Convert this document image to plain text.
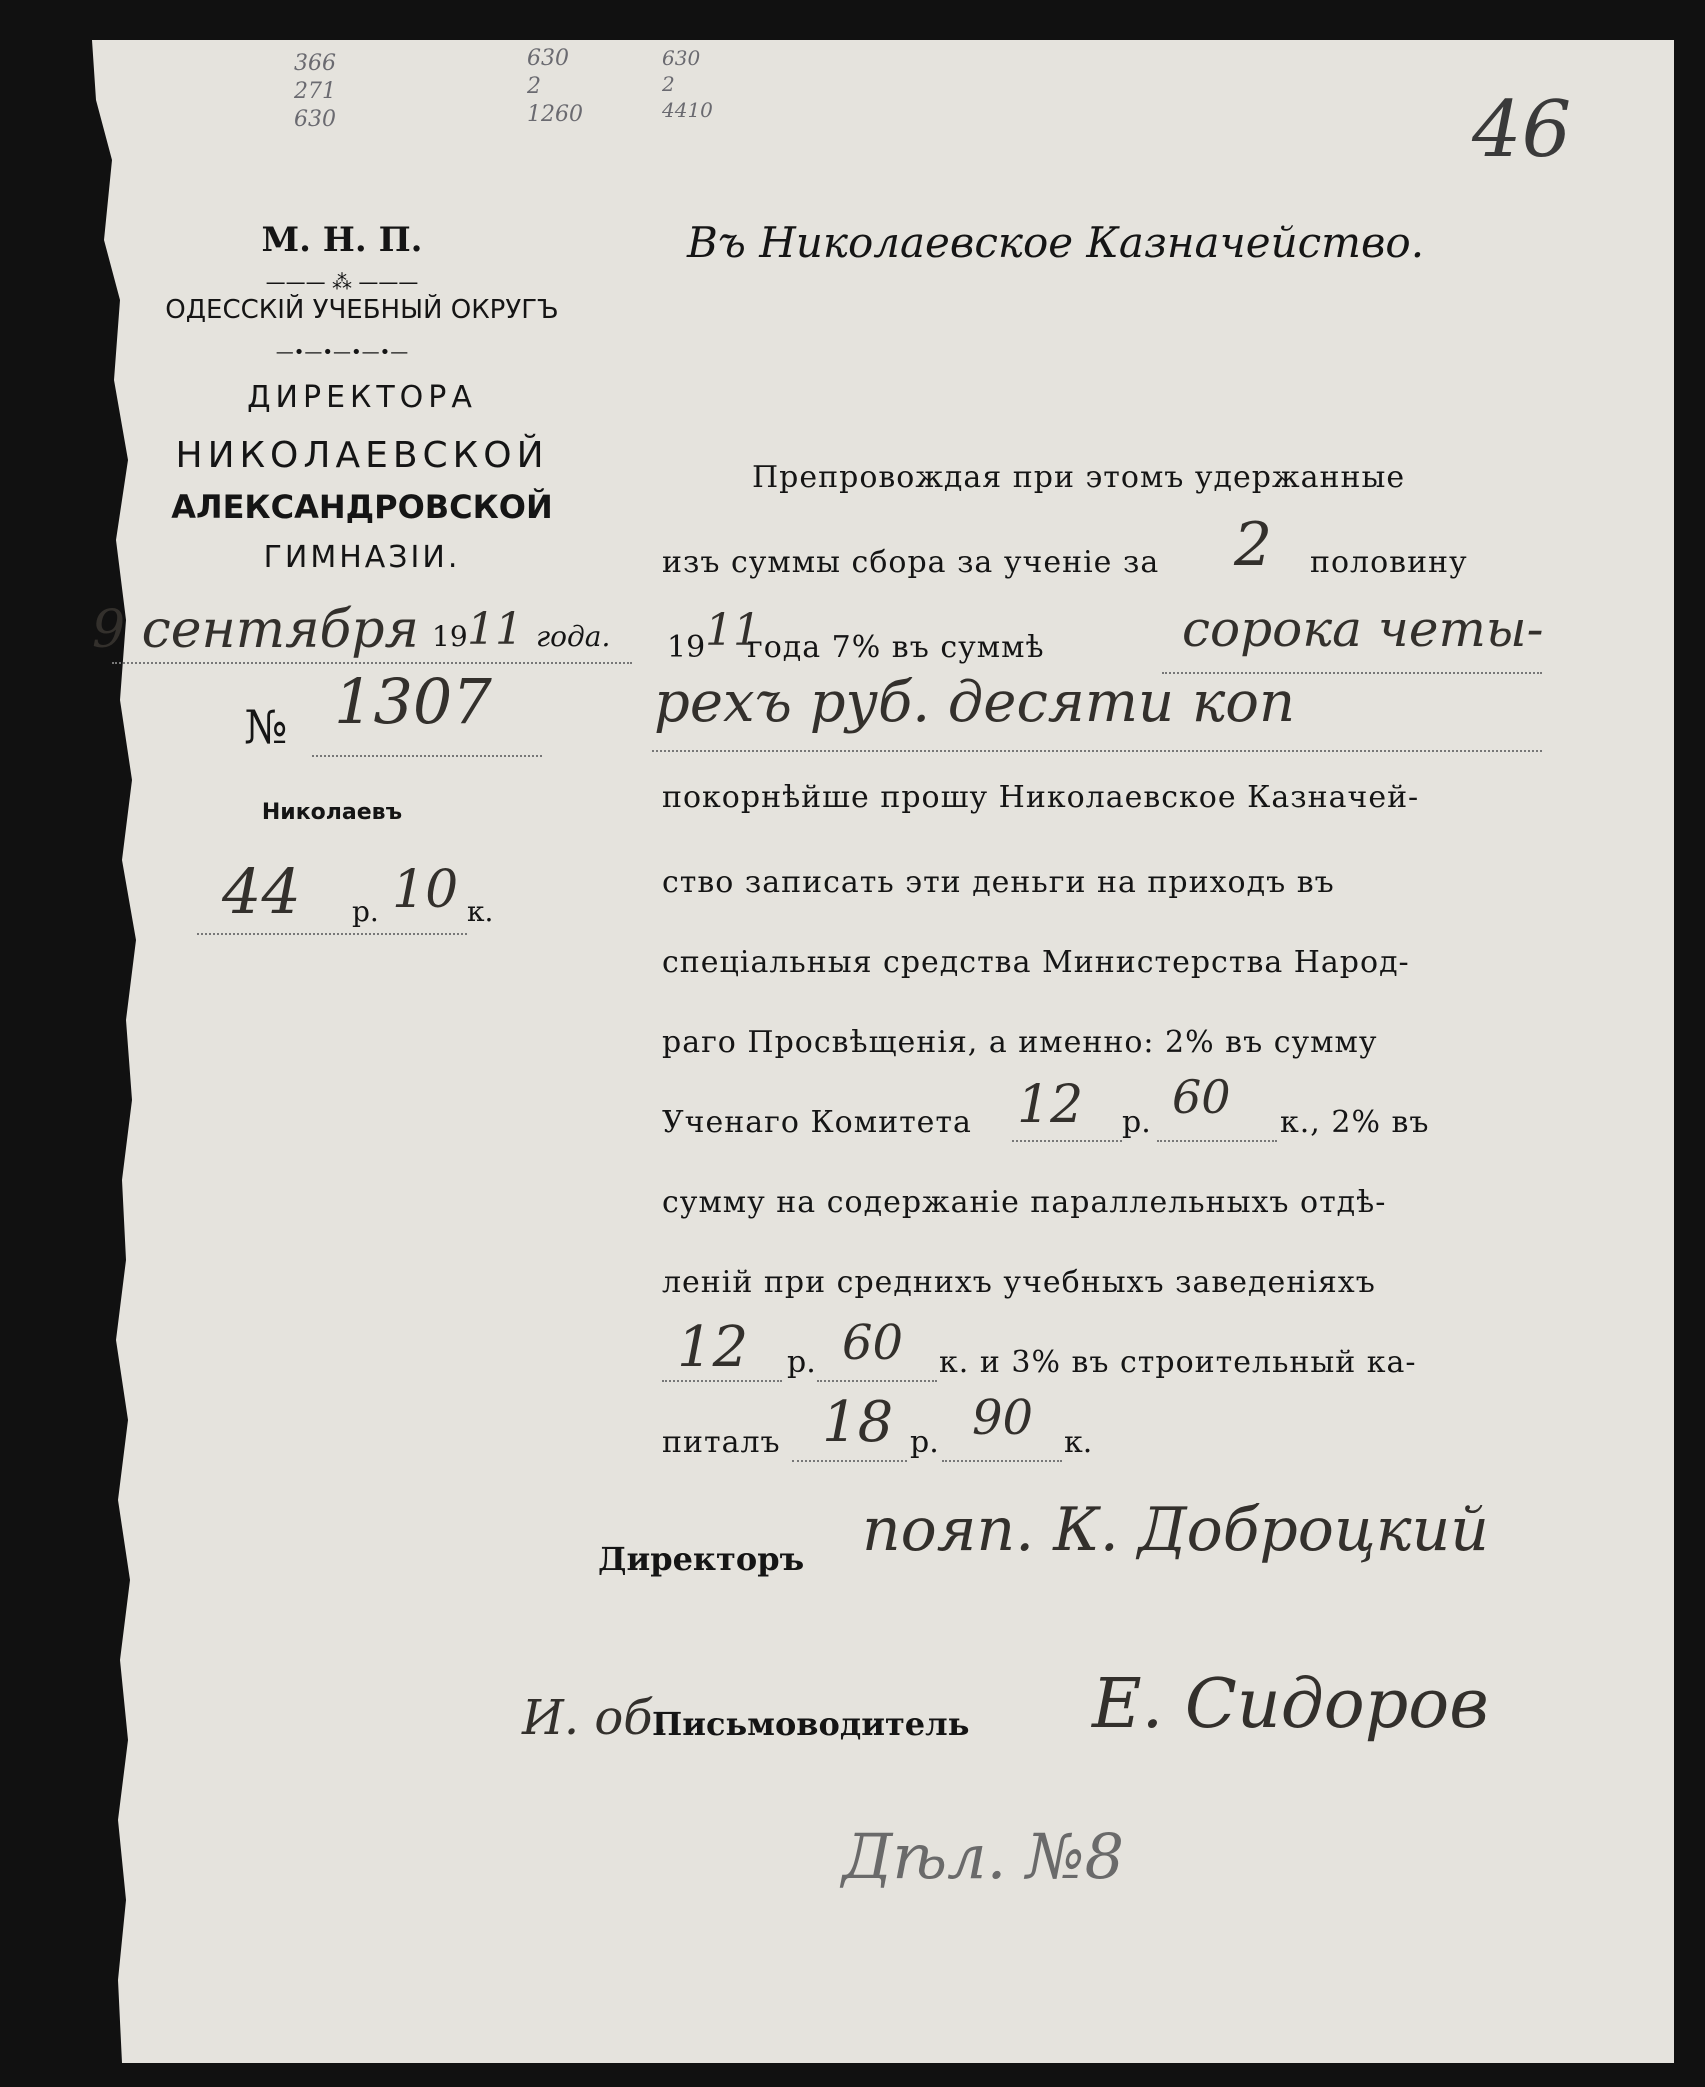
46
366
271
630
630
2
1260
630
2
4410
М. Н. П.
——— ⁂ ———
ОДЕССКІЙ УЧЕБНЫЙ ОКРУГЪ
—•—•—•—•—
ДИРЕКТОРА
НИКОЛАЕВСКОЙ
АЛЕКСАНДРОВСКОЙ
ГИМНАЗІИ.
9 сентября 19 11 года.
№ 1307
Николаевъ
44 р. 10 к.
Въ Николаевское Казначейство.
Препровождая при этомъ удержанные
изъ суммы сбора за ученіе за 2 половину
19 11
года 7% въ суммѣ	сорока четы-
рехъ руб. десяти коп
покорнѣйше прошу Николаевское Казначей-
ство записать эти деньги на приходъ въ
спеціальныя средства Министерства Народ-
раго Просвѣщенія, а именно: 2% въ сумму
Ученаго Комитета 12 р. 60 к., 2% въ
сумму на содержаніе параллельныхъ отдѣ-
леній при среднихъ учебныхъ заведеніяхъ
12 р. 60 к. и 3% въ строительный ка-
питалъ 18 р. 90 к.
Директоръ пояп. К. Доброцкий
И. об.
Письмоводитель Е. Сидоров
Дѣл. №8
